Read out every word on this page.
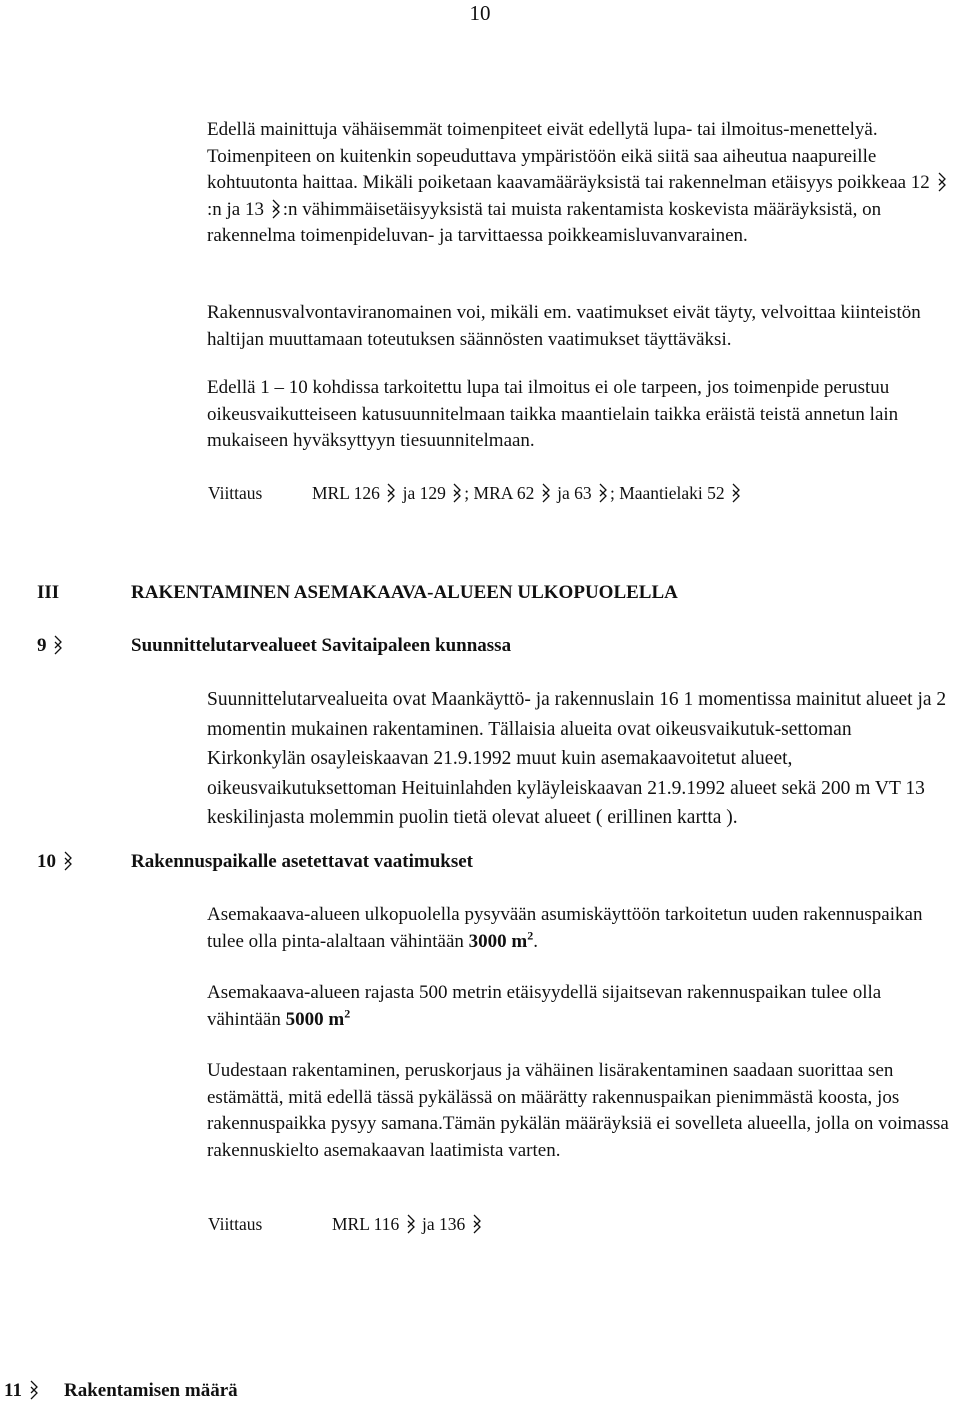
10

Edellä mainittuja vähäisemmät toimenpiteet eivät edellytä lupa- tai ilmoitus-menettelyä. Toimenpiteen on kuitenkin sopeuduttava ympäristöön eikä siitä saa aiheutua naapureille kohtuutonta haittaa. Mikäli poiketaan kaavamääräyksistä tai rakennelman etäisyys poikkeaa 12
:n ja 13 :n vähimmäisetäisyyksistä tai muista rakentamista koskevista määräyksistä, on rakennelma toimenpideluvan- ja tarvittaessa poikkeamisluvanvarainen.

Rakennusvalvontaviranomainen voi, mikäli em. vaatimukset eivät täyty, velvoittaa kiinteistön haltijan muuttamaan toteutuksen säännösten vaatimukset täyttäväksi.

Edellä 1 – 10 kohdissa tarkoitettu lupa tai ilmoitus ei ole tarpeen, jos toimenpide perustuu oikeusvaikutteiseen katusuunnitelmaan taikka maantielain taikka eräistä teistä annetun lain mukaiseen hyväksyttyyn tiesuunnitelmaan.

Viittaus	MRL 126 ja 129 ; MRA 62 ja 63 ; Maantielaki 52
III	RAKENTAMINEN ASEMAKAAVA-ALUEEN ULKOPUOLELLA
9	Suunnittelutarvealueet Savitaipaleen kunnassa

Suunnittelutarvealueita ovat Maankäyttö- ja rakennuslain 16 1 momentissa mainitut alueet ja 2 momentin mukainen rakentaminen. Tällaisia alueita ovat oikeusvaikutuk-settoman Kirkonkylän osayleiskaavan 21.9.1992 muut kuin asemakaavoitetut alueet, oikeusvaikutuksettoman Heituinlahden kyläyleiskaavan 21.9.1992 alueet sekä 200 m VT 13 keskilinjasta molemmin puolin tietä olevat alueet ( erillinen kartta ).

10	Rakennuspaikalle asetettavat vaatimukset

Asemakaava-alueen ulkopuolella pysyvään asumiskäyttöön tarkoitetun uuden rakennuspaikan tulee olla pinta-alaltaan vähintään 3000 $m^2$.

Asemakaava-alueen rajasta 500 metrin etäisyydellä sijaitsevan rakennuspaikan tulee olla vähintään 5000 $m^2$

Uudestaan rakentaminen, peruskorjaus ja vähäinen lisärakentaminen saadaan suorittaa sen estämättä, mitä edellä tässä pykälässä on määrätty rakennuspaikan pienimmästä koosta, jos rakennuspaikka pysyy samana.Tämän pykälän määräyksiä ei sovelleta alueella, jolla on voimassa rakennuskielto asemakaavan laatimista varten.

Viittaus	MRL 116 ja 136
11	Rakentamisen määrä
